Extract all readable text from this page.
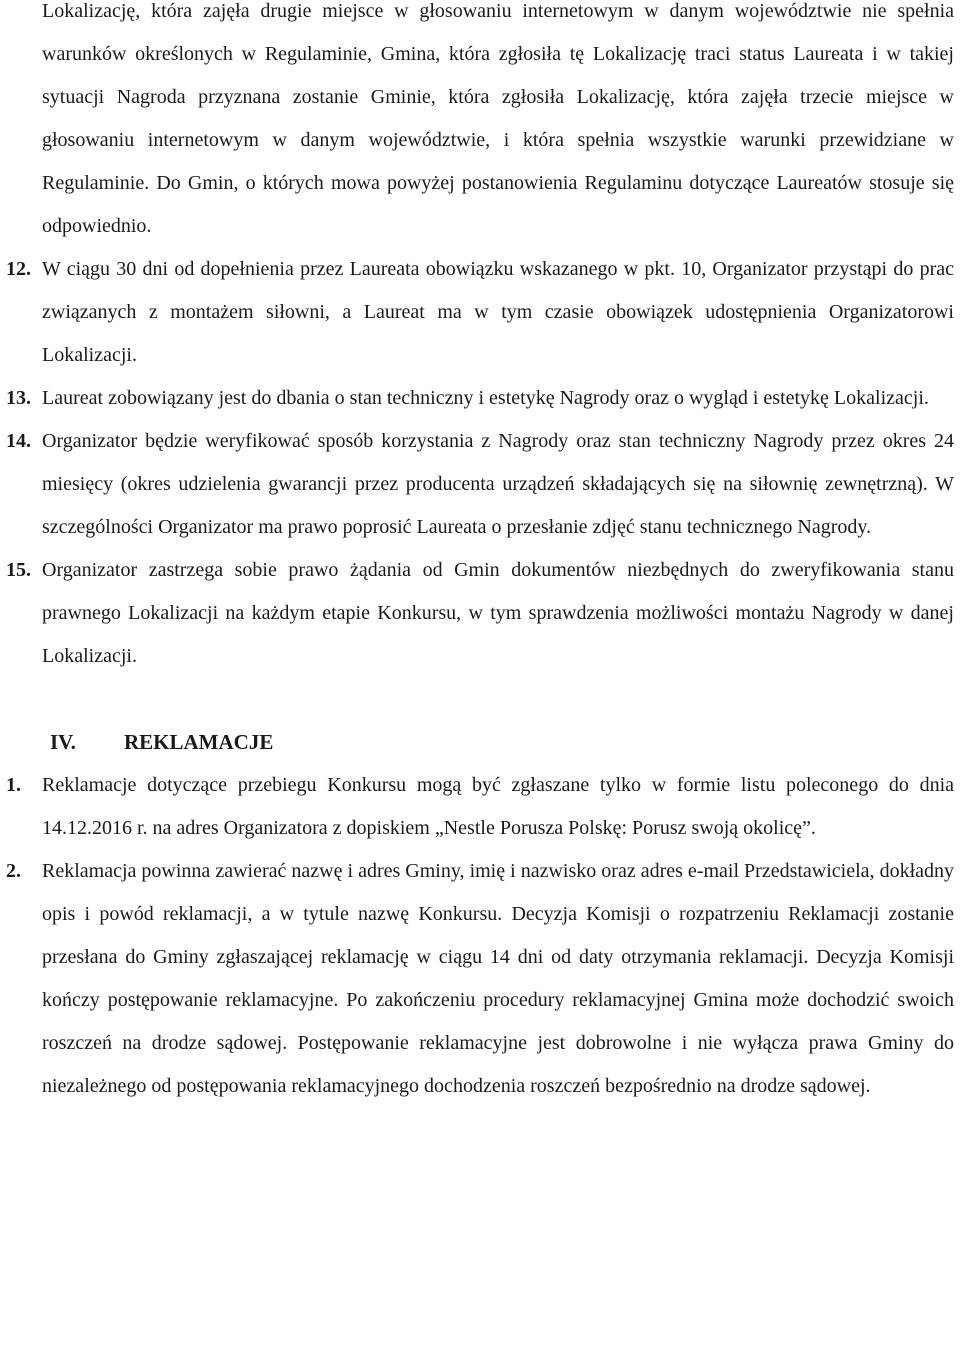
Lokalizację, która zajęła drugie miejsce w głosowaniu internetowym w danym województwie nie spełnia warunków określonych w Regulaminie, Gmina, która zgłosiła tę Lokalizację traci status Laureata i w takiej sytuacji Nagroda przyznana zostanie Gminie, która zgłosiła Lokalizację, która zajęła trzecie miejsce w głosowaniu internetowym w danym województwie, i która spełnia wszystkie warunki przewidziane w Regulaminie. Do Gmin, o których mowa powyżej postanowienia Regulaminu dotyczące Laureatów stosuje się odpowiednio.

12. W ciągu 30 dni od dopełnienia przez Laureata obowiązku wskazanego w pkt. 10, Organizator przystąpi do prac związanych z montażem siłowni, a Laureat ma w tym czasie obowiązek udostępnienia Organizatorowi Lokalizacji.

13. Laureat zobowiązany jest do dbania o stan techniczny i estetykę Nagrody oraz o wygląd i estetykę Lokalizacji.

14. Organizator będzie weryfikować sposób korzystania z Nagrody oraz stan techniczny Nagrody przez okres 24 miesięcy (okres udzielenia gwarancji przez producenta urządzeń składających się na siłownię zewnętrzną). W szczególności Organizator ma prawo poprosić Laureata o przesłanie zdjęć stanu technicznego Nagrody.

15. Organizator zastrzega sobie prawo żądania od Gmin dokumentów niezbędnych do zweryfikowania stanu prawnego Lokalizacji na każdym etapie Konkursu, w tym sprawdzenia możliwości montażu Nagrody w danej Lokalizacji.

IV. REKLAMACJE
1. Reklamacje dotyczące przebiegu Konkursu mogą być zgłaszane tylko w formie listu poleconego do dnia 14.12.2016 r. na adres Organizatora z dopiskiem „Nestle Porusza Polskę: Porusz swoją okolicę”.

2. Reklamacja powinna zawierać nazwę i adres Gminy, imię i nazwisko oraz adres e-mail Przedstawiciela, dokładny opis i powód reklamacji, a w tytule nazwę Konkursu. Decyzja Komisji o rozpatrzeniu Reklamacji zostanie przesłana do Gminy zgłaszającej reklamację w ciągu 14 dni od daty otrzymania reklamacji. Decyzja Komisji kończy postępowanie reklamacyjne. Po zakończeniu procedury reklamacyjnej Gmina może dochodzić swoich roszczeń na drodze sądowej. Postępowanie reklamacyjne jest dobrowolne i nie wyłącza prawa Gminy do niezależnego od postępowania reklamacyjnego dochodzenia roszczeń bezpośrednio na drodze sądowej.
